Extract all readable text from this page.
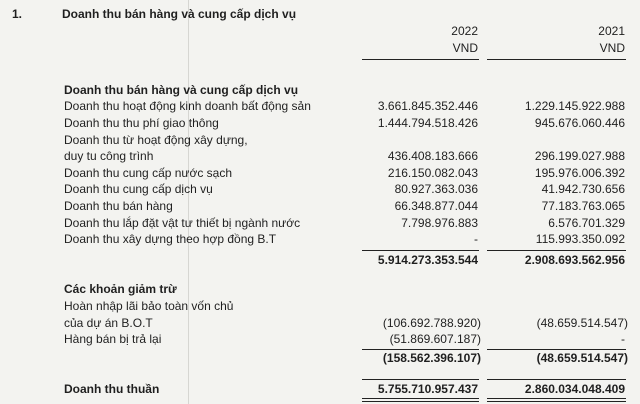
1.	Doanh thu bán hàng và cung cấp dịch vụ
2022	2021
VND	VND
Doanh thu bán hàng và cung cấp dịch vụ
Doanh thu hoạt động kinh doanh bất động sản	3.661.845.352.446	1.229.145.922.988
Doanh thu thu phí giao thông	1.444.794.518.426	945.676.060.446
Doanh thu từ hoạt động xây dựng,
duy tu công trình	436.408.183.666	296.199.027.988
Doanh thu cung cấp nước sạch	216.150.082.043	195.976.006.392
Doanh thu cung cấp dịch vụ	80.927.363.036	41.942.730.656
Doanh thu bán hàng	66.348.877.044	77.183.763.065
Doanh thu lắp đặt vật tư thiết bị ngành nước	7.798.976.883	6.576.701.329
Doanh thu xây dựng theo hợp đồng B.T	-	115.993.350.092
5.914.273.353.544	2.908.693.562.956
Các khoản giảm trừ
Hoàn nhập lãi bảo toàn vốn chủ
của dự án B.O.T	(106.692.788.920)	(48.659.514.547)
Hàng bán bị trả lại	(51.869.607.187)	-
(158.562.396.107)	(48.659.514.547)
Doanh thu thuần	5.755.710.957.437	2.860.034.048.409
